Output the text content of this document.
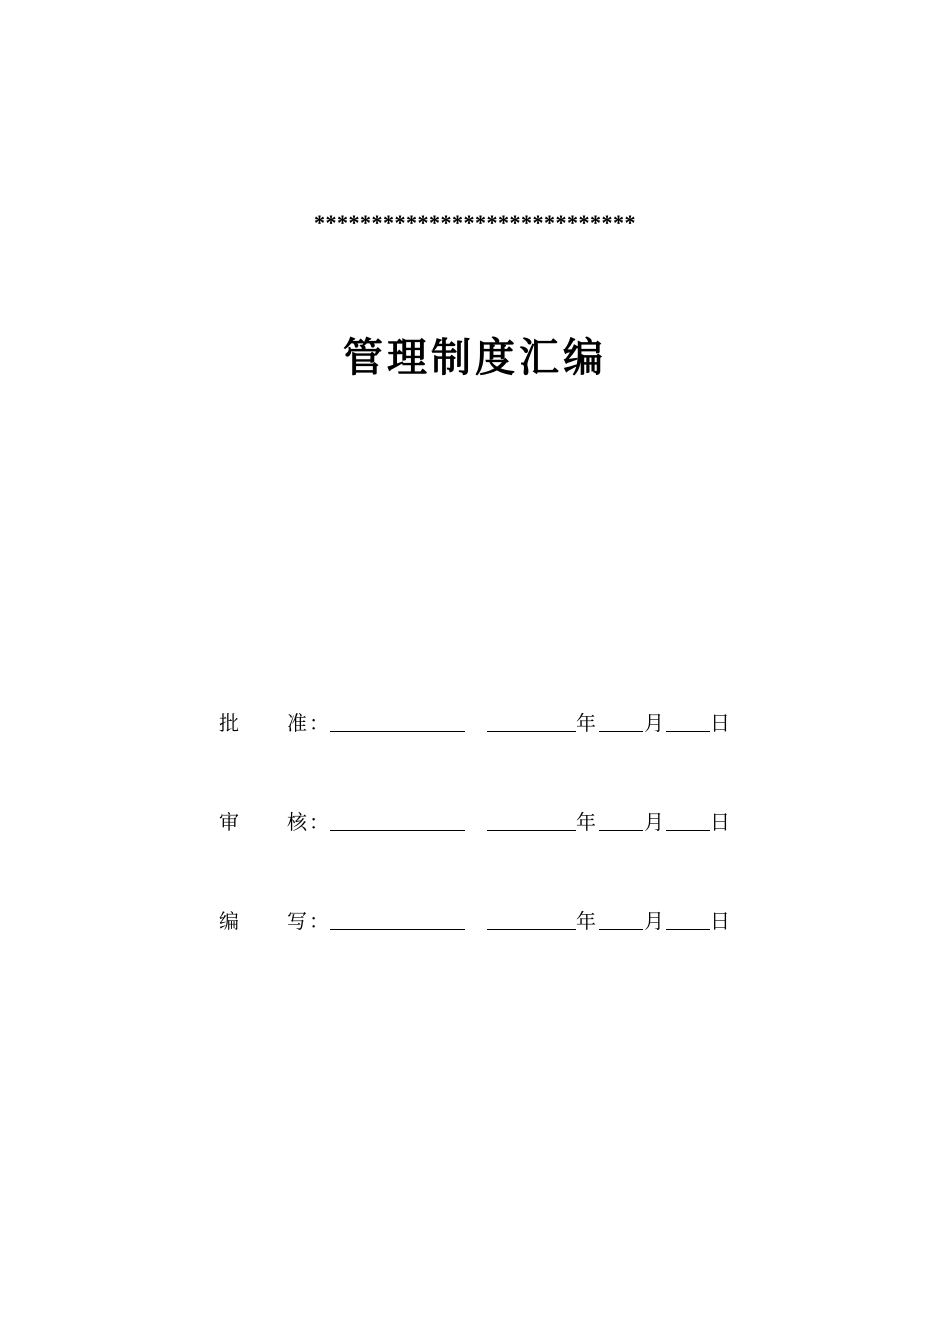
****************************
管理制度汇编
批 准 ：	年 月 日
审 核 ：	年 月 日
编 写 ：	年 月 日
